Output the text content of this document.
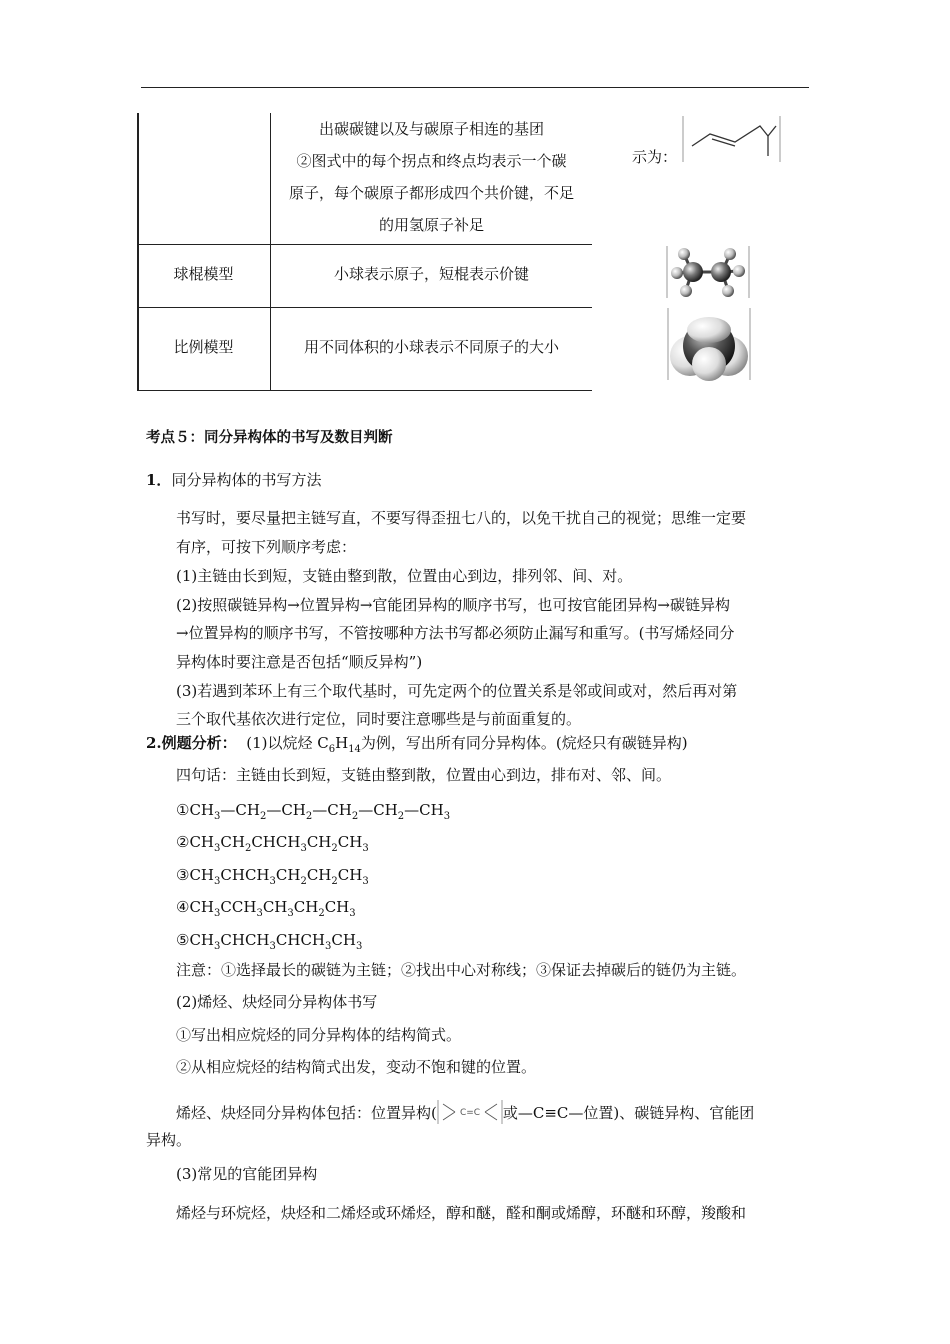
出碳碳键以及与碳原子相连的基团
②图式中的每个拐点和终点均表示一个碳
原子，每个碳原子都形成四个共价键，不足
的用氢原子补足
球棍模型	小球表示原子，短棍表示价键
比例模型	用不同体积的小球表示不同原子的大小
示为：
考点５：同分异构体的书写及数目判断
1．同分异构体的书写方法
书写时，要尽量把主链写直，不要写得歪扭七八的，以免干扰自己的视觉；思维一定要
有序，可按下列顺序考虑：
(1)主链由长到短，支链由整到散，位置由心到边，排列邻、间、对。
(2)按照碳链异构→位置异构→官能团异构的顺序书写，也可按官能团异构→碳链异构
→位置异构的顺序书写，不管按哪种方法书写都必须防止漏写和重写。(书写烯烃同分
异构体时要注意是否包括“顺反异构”)
(3)若遇到苯环上有三个取代基时，可先定两个的位置关系是邻或间或对，然后再对第
三个取代基依次进行定位，同时要注意哪些是与前面重复的。
2.例题分析： (1)以烷烃 $C_6H_{14}$为例，写出所有同分异构体。(烷烃只有碳链异构)
四句话：主链由长到短，支链由整到散，位置由心到边，排布对、邻、间。
$①CH_3—CH_2—CH_2—CH_2—CH_2—CH_3$
$②CH_3CH_2CHCH_3CH_2CH_3$
$③CH_3CHCH_3CH_2CH_2CH_3$
$④CH_3CCH_3CH_3CH_2CH_3$
$⑤CH_3CHCH_3CHCH_3CH_3$
注意：①选择最长的碳链为主链；②找出中心对称线；③保证去掉碳后的链仍为主链。
(2)烯烃、炔烃同分异构体书写
①写出相应烷烃的同分异构体的结构简式。
②从相应烷烃的结构简式出发，变动不饱和键的位置。
烯烃、炔烃同分异构体包括：位置异构(	C=C 或—C≡C—位置)、碳链异构、官能团
异构。
(3)常见的官能团异构
烯烃与环烷烃，炔烃和二烯烃或环烯烃，醇和醚，醛和酮或烯醇，环醚和环醇，羧酸和
